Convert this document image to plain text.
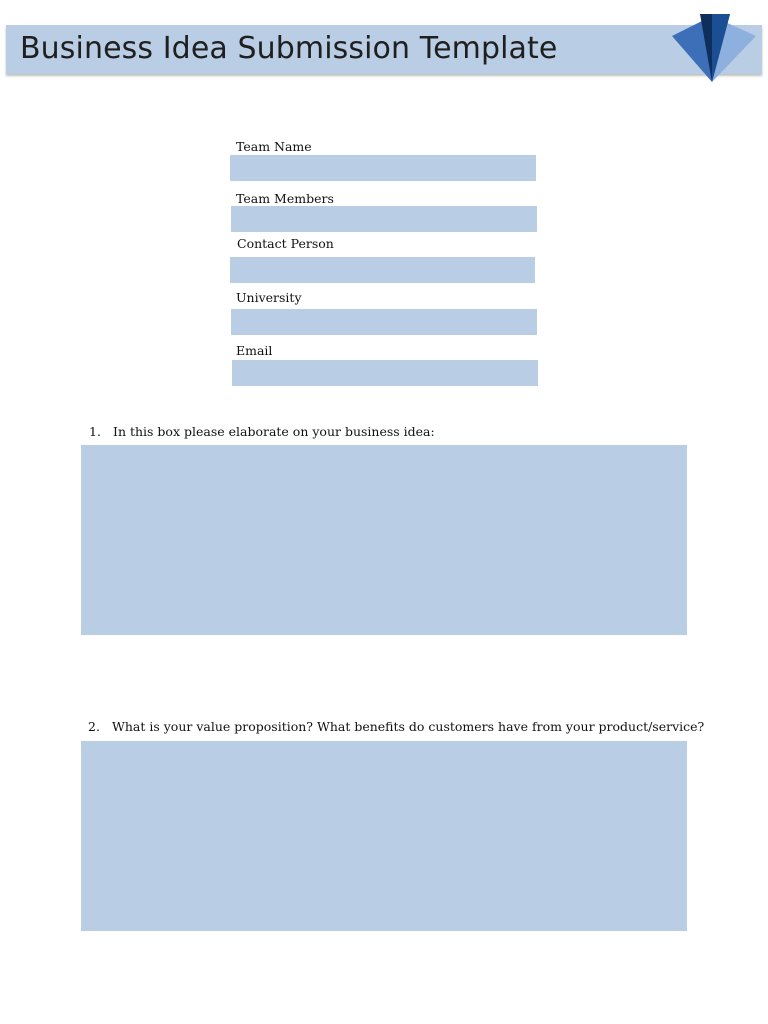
Business Idea Submission Template
Team Name
Team Members
Contact Person
University
Email
1. In this box please elaborate on your business idea:
2. What is your value proposition? What benefits do customers have from your product/service?
